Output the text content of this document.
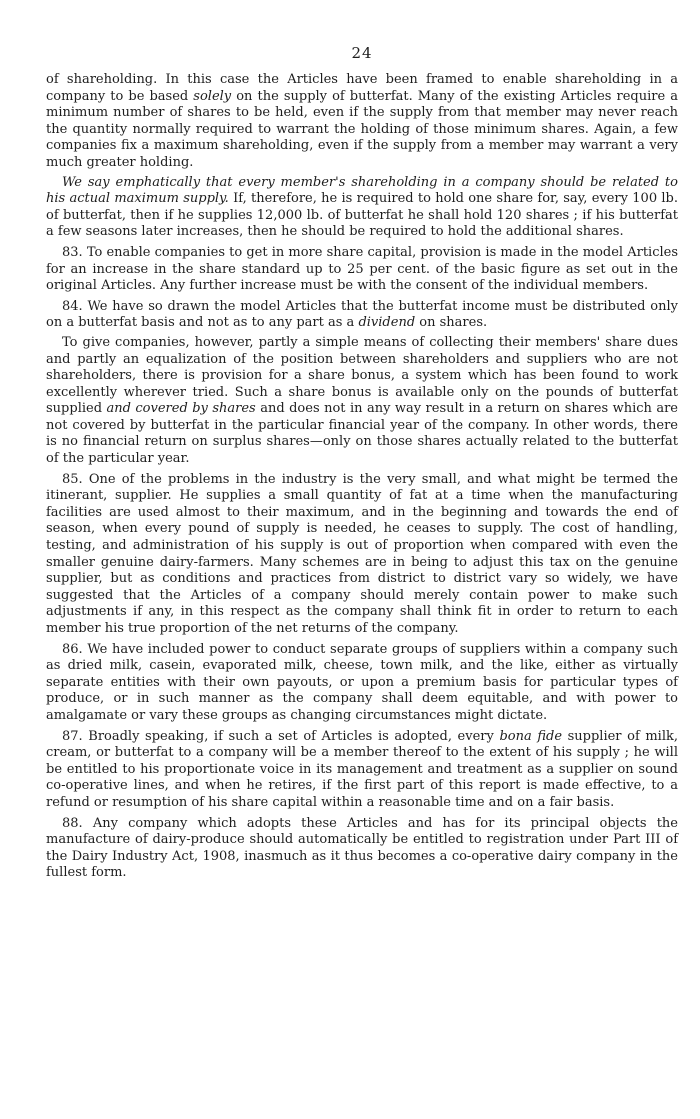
24

of shareholding. In this case the Articles have been framed to enable shareholding in a company to be based solely on the supply of butterfat. Many of the existing Articles require a minimum number of shares to be held, even if the supply from that member may never reach the quantity normally required to warrant the holding of those minimum shares. Again, a few companies fix a maximum shareholding, even if the supply from a member may warrant a very much greater holding.

We say emphatically that every member's shareholding in a company should be related to his actual maximum supply. If, therefore, he is required to hold one share for, say, every 100 lb. of butterfat, then if he supplies 12,000 lb. of butterfat he shall hold 120 shares ; if his butterfat a few seasons later increases, then he should be required to hold the additional shares.

83. To enable companies to get in more share capital, provision is made in the model Articles for an increase in the share standard up to 25 per cent. of the basic figure as set out in the original Articles. Any further increase must be with the consent of the individual members.

84. We have so drawn the model Articles that the butterfat income must be distributed only on a butterfat basis and not as to any part as a dividend on shares.

To give companies, however, partly a simple means of collecting their members' share dues and partly an equalization of the position between shareholders and suppliers who are not shareholders, there is provision for a share bonus, a system which has been found to work excellently wherever tried. Such a share bonus is available only on the pounds of butterfat supplied and covered by shares and does not in any way result in a return on shares which are not covered by butterfat in the particular financial year of the company. In other words, there is no financial return on surplus shares—only on those shares actually related to the butterfat of the particular year.

85. One of the problems in the industry is the very small, and what might be termed the itinerant, supplier. He supplies a small quantity of fat at a time when the manufacturing facilities are used almost to their maximum, and in the beginning and towards the end of season, when every pound of supply is needed, he ceases to supply. The cost of handling, testing, and administration of his supply is out of proportion when compared with even the smaller genuine dairy-farmers. Many schemes are in being to adjust this tax on the genuine supplier, but as conditions and practices from district to district vary so widely, we have suggested that the Articles of a company should merely contain power to make such adjustments if any, in this respect as the company shall think fit in order to return to each member his true proportion of the net returns of the company.

86. We have included power to conduct separate groups of suppliers within a company such as dried milk, casein, evaporated milk, cheese, town milk, and the like, either as virtually separate entities with their own payouts, or upon a premium basis for particular types of produce, or in such manner as the company shall deem equitable, and with power to amalgamate or vary these groups as changing circumstances might dictate.

87. Broadly speaking, if such a set of Articles is adopted, every bona fide supplier of milk, cream, or butterfat to a company will be a member thereof to the extent of his supply ; he will be entitled to his proportionate voice in its management and treatment as a supplier on sound co-operative lines, and when he retires, if the first part of this report is made effective, to a refund or resumption of his share capital within a reasonable time and on a fair basis.

88. Any company which adopts these Articles and has for its principal objects the manufacture of dairy-produce should automatically be entitled to registration under Part III of the Dairy Industry Act, 1908, inasmuch as it thus becomes a co-operative dairy company in the fullest form.
